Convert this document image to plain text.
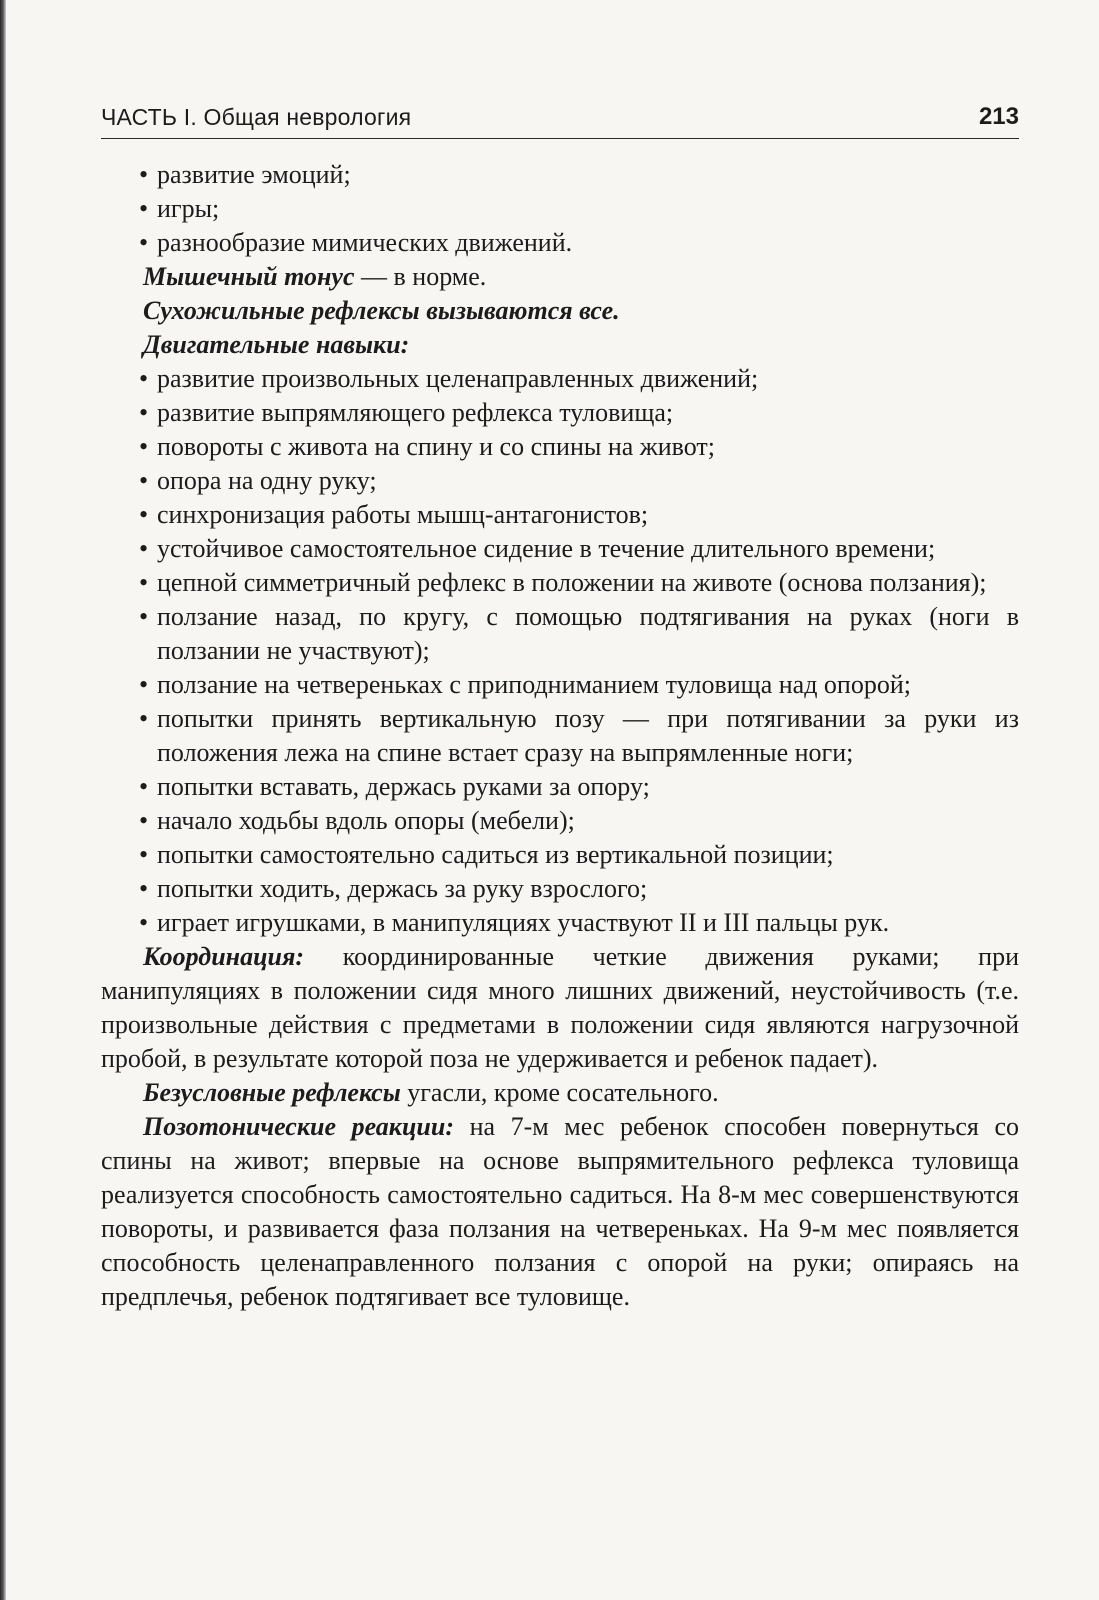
ЧАСТЬ I. Общая неврология	213
• развитие эмоций;
• игры;
• разнообразие мимических движений.
Мышечный тонус — в норме.
Сухожильные рефлексы вызываются все.
Двигательные навыки:
• развитие произвольных целенаправленных движений;
• развитие выпрямляющего рефлекса туловища;
• повороты с живота на спину и со спины на живот;
• опора на одну руку;
• синхронизация работы мышц-антагонистов;
• устойчивое самостоятельное сидение в течение длительного времени;
• цепной симметричный рефлекс в положении на животе (основа ползания);
• ползание назад, по кругу, с помощью подтягивания на руках (ноги в ползании не участвуют);
• ползание на четвереньках с приподниманием туловища над опорой;
• попытки принять вертикальную позу — при потягивании за руки из положения лежа на спине встает сразу на выпрямленные ноги;
• попытки вставать, держась руками за опору;
• начало ходьбы вдоль опоры (мебели);
• попытки самостоятельно садиться из вертикальной позиции;
• попытки ходить, держась за руку взрослого;
• играет игрушками, в манипуляциях участвуют II и III пальцы рук.

Координация: координированные четкие движения руками; при манипуляциях в положении сидя много лишних движений, неустойчивость (т.е. произвольные действия с предметами в положении сидя являются нагрузочной пробой, в результате которой поза не удерживается и ребенок падает).

Безусловные рефлексы угасли, кроме сосательного.

Позотонические реакции: на 7-м мес ребенок способен повернуться со спины на живот; впервые на основе выпрямительного рефлекса туловища реализуется способность самостоятельно садиться. На 8-м мес совершенствуются повороты, и развивается фаза ползания на четвереньках. На 9-м мес появляется способность целенаправленного ползания с опорой на руки; опираясь на предплечья, ребенок подтягивает все туловище.
